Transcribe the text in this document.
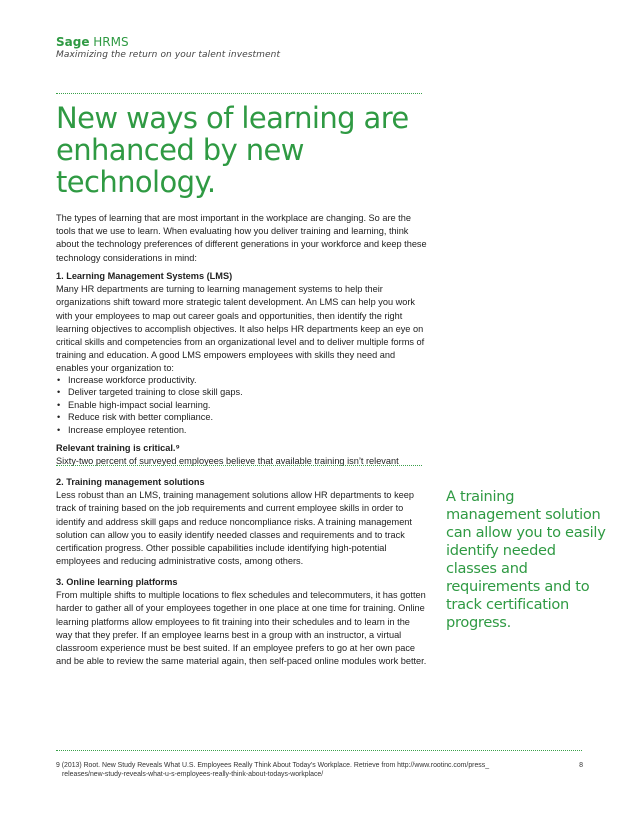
Sage HRMS
Maximizing the return on your talent investment
New ways of learning are enhanced by new technology.
The types of learning that are most important in the workplace are changing. So are the tools that we use to learn. When evaluating how you deliver training and learning, think about the technology preferences of different generations in your workforce and keep these technology considerations in mind:
1. Learning Management Systems (LMS)
Many HR departments are turning to learning management systems to help their organizations shift toward more strategic talent development. An LMS can help you work with your employees to map out career goals and opportunities, then identify the right learning objectives to accomplish objectives. It also helps HR departments keep an eye on critical skills and competencies from an organizational level and to deliver multiple forms of training and education. A good LMS empowers employees with skills they need and enables your organization to:
• Increase workforce productivity.
• Deliver targeted training to close skill gaps.
• Enable high-impact social learning.
• Reduce risk with better compliance.
• Increase employee retention.
Relevant training is critical.⁹
Sixty-two percent of surveyed employees believe that available training isn’t relevant
2. Training management solutions
Less robust than an LMS, training management solutions allow HR departments to keep track of training based on the job requirements and current employee skills in order to identify and address skill gaps and reduce noncompliance risks. A training management solution can allow you to easily identify needed classes and requirements and to track certification progress. Other possible capabilities include identifying high-potential employees and reducing administrative costs, among others.
3. Online learning platforms
From multiple shifts to multiple locations to flex schedules and telecommuters, it has gotten harder to gather all of your employees together in one place at one time for training. Online learning platforms allow employees to fit training into their schedules and to learn in the way that they prefer. If an employee learns best in a group with an instructor, a virtual classroom experience must be best suited. If an employee prefers to go at her own pace and be able to review the same material again, then self-paced online modules work better.

A training management solution can allow you to easily identify needed classes and requirements and to track certification progress.

9 (2013) Root. New Study Reveals What U.S. Employees Really Think About Today’s Workplace. Retrieve from http://www.rootinc.com/press_
releases/new-study-reveals-what-u-s-employees-really-think-about-todays-workplace/
8
